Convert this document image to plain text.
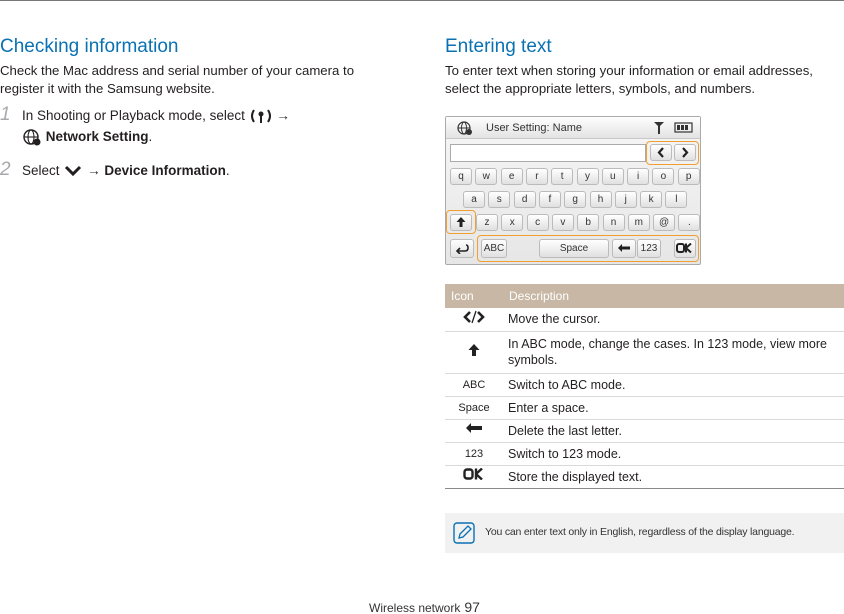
Checking information

Check the Mac address and serial number of your camera to register it with the Samsung website.

1 In Shooting or Playback mode, select →
Network Setting.
2 Select → Device Information.
Entering text

To enter text when storing your information or email addresses, select the appropriate letters, symbols, and numbers.

User Setting: Name
ABC	Space	123
q	w	e	r	t	y	u	i	o	p
a	s	d	f	g	h	j	k	l
z	x	c	v	b	n	m	@	.
Icon	Description
	Move the cursor.
	In ABC mode, change the cases. In 123 mode, view more symbols.
ABC	Switch to ABC mode.
Space	Enter a space.
	Delete the last letter.
123	Switch to 123 mode.
	Store the displayed text.
You can enter text only in English, regardless of the display language.
Wireless network 97
